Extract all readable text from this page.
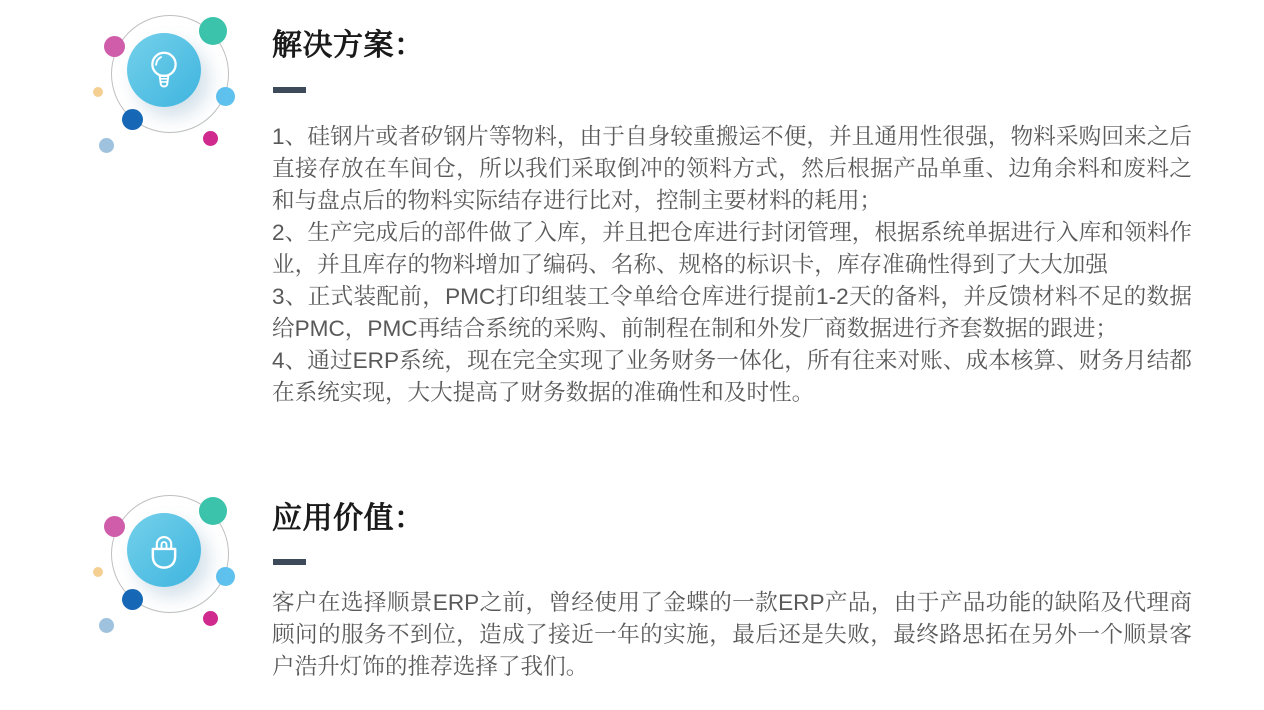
解决方案：

1、硅钢片或者矽钢片等物料，由于自身较重搬运不便，并且通用性很强，物料采购回来之后直接存放在车间仓，所以我们采取倒冲的领料方式，然后根据产品单重、边角余料和废料之和与盘点后的物料实际结存进行比对，控制主要材料的耗用；

2、生产完成后的部件做了入库，并且把仓库进行封闭管理，根据系统单据进行入库和领料作业，并且库存的物料增加了编码、名称、规格的标识卡，库存准确性得到了大大加强

3、正式装配前，PMC打印组装工令单给仓库进行提前1-2天的备料，并反馈材料不足的数据给PMC，PMC再结合系统的采购、前制程在制和外发厂商数据进行齐套数据的跟进；

4、通过ERP系统，现在完全实现了业务财务一体化，所有往来对账、成本核算、财务月结都在系统实现，大大提高了财务数据的准确性和及时性。

应用价值：

客户在选择顺景ERP之前，曾经使用了金蝶的一款ERP产品，由于产品功能的缺陷及代理商顾问的服务不到位，造成了接近一年的实施，最后还是失败，最终路思拓在另外一个顺景客户浩升灯饰的推荐选择了我们。
